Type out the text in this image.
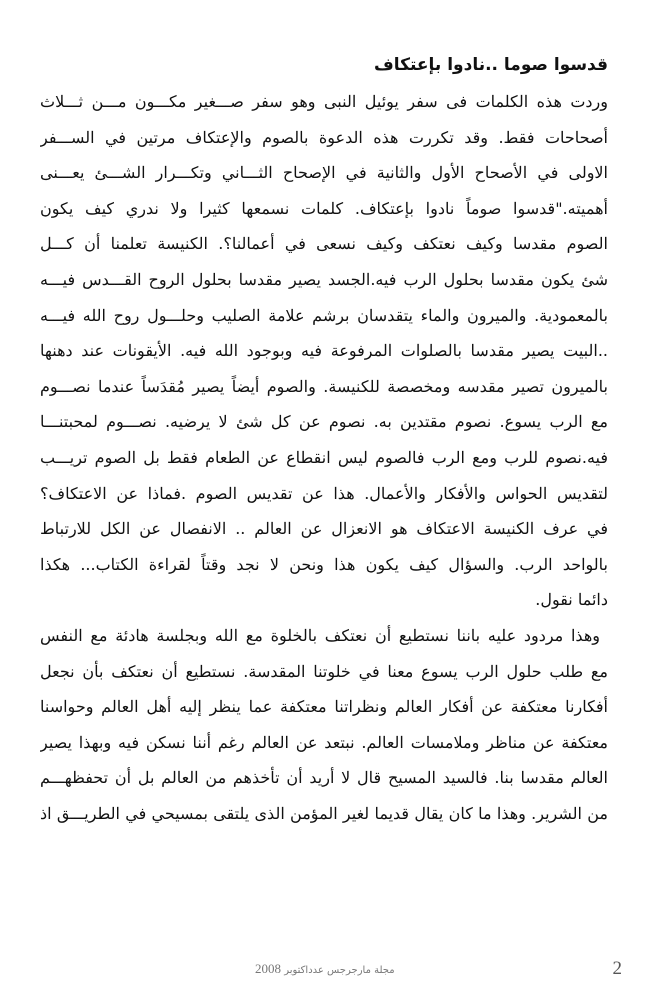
قدسوا صوما ..نادوا بإعتكاف
وردت هذه الكلمات فى سفر يوئيل النبى وهو سفر صـــغير مكـــون مـــن ثـــلاث
أصحاحات فقط. وقد تكررت هذه الدعوة بالصوم والإعتكاف مرتين في الســـفر
الاولى في الأصحاح الأول والثانية في الإصحاح الثـــاني وتكـــرار الشـــئ يعـــنى
أهميته."قدسوا صوماً نادوا بإعتكاف. كلمات نسمعها كثيرا ولا ندري كيف يكون
الصوم مقدسا وكيف نعتكف وكيف نسعى في أعمالنا؟. الكنيسة تعلمنا أن كـــل
شئ يكون مقدسا بحلول الرب فيه.الجسد يصير مقدسا بحلول الروح القـــدس فيـــه
بالمعمودية. والميرون والماء يتقدسان برشم علامة الصليب وحلـــول روح الله فيـــه
..البيت يصير مقدسا بالصلوات المرفوعة فيه وبوجود الله فيه. الأيقونات عند دهنها
بالميرون تصير مقدسه ومخصصة للكنيسة. والصوم أيضاً يصير مُقدَساً عندما نصـــوم
مع الرب يسوع. نصوم مقتدين به. نصوم عن كل شئ لا يرضيه. نصـــوم لمحبتنـــا
فيه.نصوم للرب ومع الرب فالصوم ليس انقطاع عن الطعام فقط بل الصوم تريـــب
لتقديس الحواس والأفكار والأعمال. هذا عن تقديس الصوم .فماذا عن الاعتكاف؟
في عرف الكنيسة الاعتكاف هو الانعزال عن العالم .. الانفصال عن الكل للارتباط
بالواحد الرب. والسؤال كيف يكون هذا ونحن لا نجد وقتاً لقراءة الكتاب... هكذا
دائما نقول.
وهذا مردود عليه باننا نستطيع أن نعتكف بالخلوة مع الله وبجلسة هادئة مع النفس
مع طلب حلول الرب يسوع معنا في خلوتنا المقدسة. نستطيع أن نعتكف بأن نجعل
أفكارنا معتكفة عن أفكار العالم ونظراتنا معتكفة عما ينظر إليه أهل العالم وحواسنا
معتكفة عن مناظر وملامسات العالم. نبتعد عن العالم رغم أننا نسكن فيه وبهذا يصير
العالم مقدسا بنا. فالسيد المسيح قال لا أريد أن تأخذهم من العالم بل أن تحفظهـــم
من الشرير. وهذا ما كان يقال قديما لغير المؤمن الذى يلتقى بمسيحي في الطريـــق اذ
مجلة مارجرجس عدداكتوبر 2008	2
